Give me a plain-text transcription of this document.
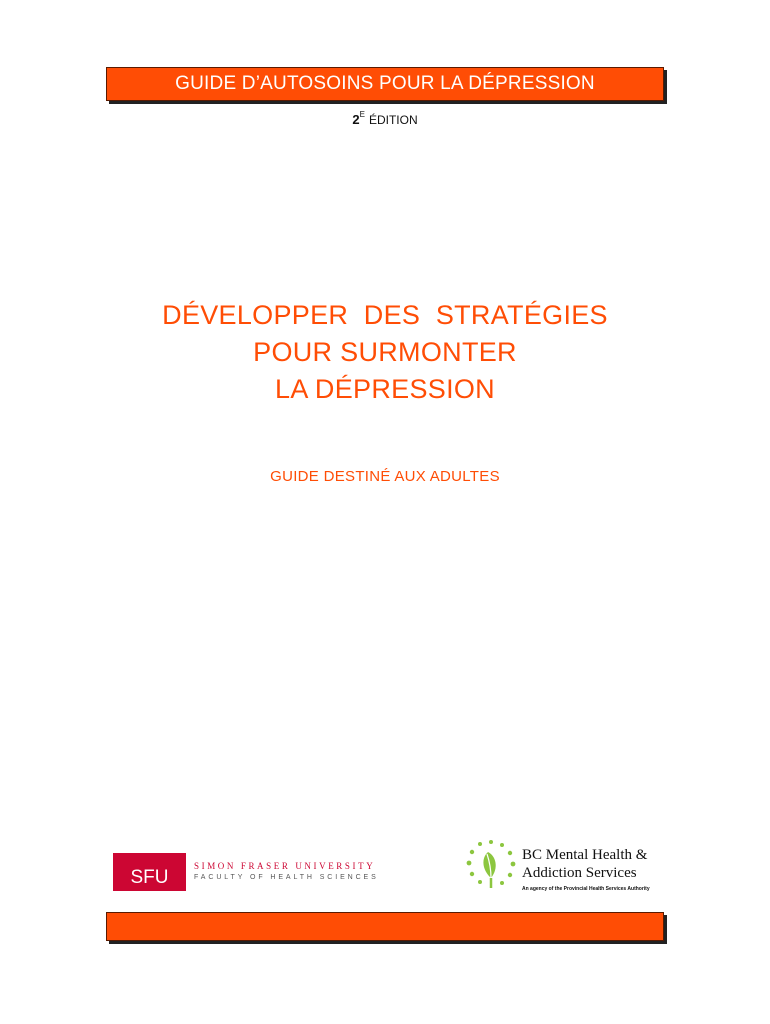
GUIDE D’AUTOSOINS POUR LA DÉPRESSION
$2^E$ ÉDITION
DÉVELOPPER  DES  STRATÉGIES
POUR SURMONTER
LA DÉPRESSION
GUIDE DESTINÉ AUX ADULTES
SFU
SIMON FRASER UNIVERSITY
FACULTY OF HEALTH SCIENCES
BC Mental Health &
Addiction Services
An agency of the Provincial Health Services Authority
